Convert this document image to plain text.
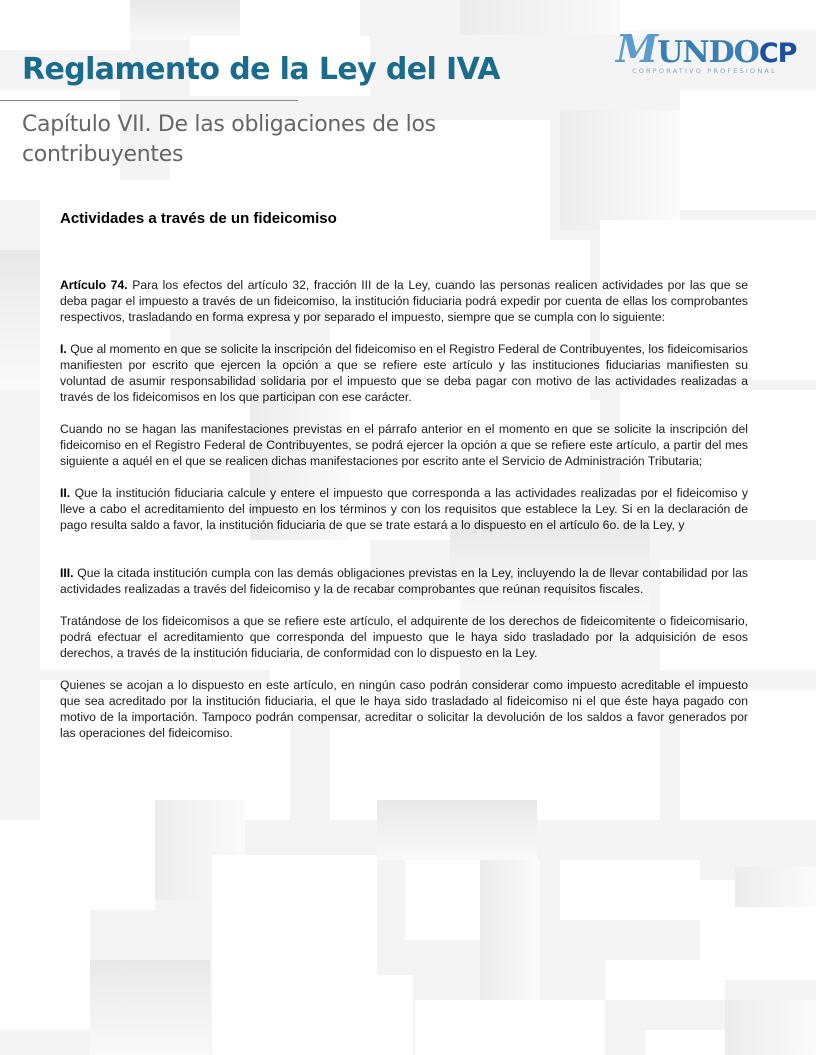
Reglamento de la Ley del IVA
Capítulo VII. De las obligaciones de los contribuyentes
MUNDOCP
CORPORATIVO PROFESIONAL
Actividades a través de un fideicomiso

Artículo 74. Para los efectos del artículo 32, fracción III de la Ley, cuando las personas realicen actividades por las que se deba pagar el impuesto a través de un fideicomiso, la institución fiduciaria podrá expedir por cuenta de ellas los comprobantes respectivos, trasladando en forma expresa y por separado el impuesto, siempre que se cumpla con lo siguiente:

I. Que al momento en que se solicite la inscripción del fideicomiso en el Registro Federal de Contribuyentes, los fideicomisarios manifiesten por escrito que ejercen la opción a que se refiere este artículo y las instituciones fiduciarias manifiesten su voluntad de asumir responsabilidad solidaria por el impuesto que se deba pagar con motivo de las actividades realizadas a través de los fideicomisos en los que participan con ese carácter.

Cuando no se hagan las manifestaciones previstas en el párrafo anterior en el momento en que se solicite la inscripción del fideicomiso en el Registro Federal de Contribuyentes, se podrá ejercer la opción a que se refiere este artículo, a partir del mes siguiente a aquél en el que se realicen dichas manifestaciones por escrito ante el Servicio de Administración Tributaria;

II. Que la institución fiduciaria calcule y entere el impuesto que corresponda a las actividades realizadas por el fideicomiso y lleve a cabo el acreditamiento del impuesto en los términos y con los requisitos que establece la Ley. Si en la declaración de pago resulta saldo a favor, la institución fiduciaria de que se trate estará a lo dispuesto en el artículo 6o. de la Ley, y

III. Que la citada institución cumpla con las demás obligaciones previstas en la Ley, incluyendo la de llevar contabilidad por las actividades realizadas a través del fideicomiso y la de recabar comprobantes que reúnan requisitos fiscales.

Tratándose de los fideicomisos a que se refiere este artículo, el adquirente de los derechos de fideicomitente o fideicomisario, podrá efectuar el acreditamiento que corresponda del impuesto que le haya sido trasladado por la adquisición de esos derechos, a través de la institución fiduciaria, de conformidad con lo dispuesto en la Ley.

Quienes se acojan a lo dispuesto en este artículo, en ningún caso podrán considerar como impuesto acreditable el impuesto que sea acreditado por la institución fiduciaria, el que le haya sido trasladado al fideicomiso ni el que éste haya pagado con motivo de la importación. Tampoco podrán compensar, acreditar o solicitar la devolución de los saldos a favor generados por las operaciones del fideicomiso.
